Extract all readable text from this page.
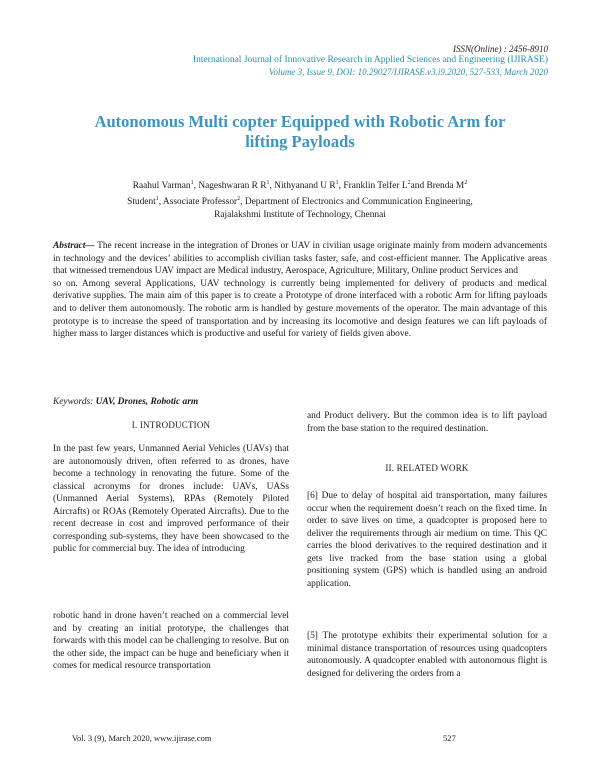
ISSN(Online) : 2456-8910
International Journal of Innovative Research in Applied Sciences and Engineering (IJIRASE)
Volume 3, Issue 9, DOI: 10.29027/IJIRASE.v3.i9.2020, 527-533, March 2020
Autonomous Multi copter Equipped with Robotic Arm for
lifting Payloads
Raahul Varman$^1$, Nageshwaran R $R^1$, Nithyanand U $R^1$, Franklin Telfer $L^2and$ Brenda $M^2$
Student$^1$, Associate Professor$^2$, Department of Electronics and Communication Engineering,
Rajalakshmi Institute of Technology, Chennai

Abstract— The recent increase in the integration of Drones or UAV in civilian usage originate mainly from modern advancements in technology and the devices’ abilities to accomplish civilian tasks faster, safe, and cost-efficient manner. The Applicative areas that witnessed tremendous UAV impact are Medical industry, Aerospace, Agriculture, Military, Online product Services and

so on. Among several Applications, UAV technology is currently being implemented for delivery of products and medical derivative supplies. The main aim of this paper is to create a Prototype of drone interfaced with a robotic Arm for lifting payloads and to deliver them autonomously. The robotic arm is handled by gesture movements of the operator. The main advantage of this prototype is to increase the speed of transportation and by increasing its locomotive and design features we can lift payloads of higher mass to larger distances which is productive and useful for variety of fields given above.

Keywords: UAV, Drones, Robotic arm
I. INTRODUCTION
In the past few years, Unmanned Aerial Vehicles (UAVs) that are autonomously driven, often referred to as drones, have become a technology in renovating the future. Some of the classical acronyms for drones include: UAVs, UASs (Unmanned Aerial Systems), RPAs (Remotely Piloted Aircrafts) or ROAs (Remotely Operated Aircrafts). Due to the recent decrease in cost and improved performance of their corresponding sub-systems, they have been showcased to the public for commercial buy. The idea of introducing
robotic hand in drone haven’t reached on a commercial level and by creating an initial prototype, the challenges that forwards with this model can be challenging to resolve. But on the other side, the impact can be huge and beneficiary when it comes for medical resource transportation
and Product delivery. But the common idea is to lift payload from the base station to the required destination.
II. RELATED WORK
[6] Due to delay of hospital aid transportation, many failures occur when the requirement doesn’t reach on the fixed time. In order to save lives on time, a quadcopter is proposed here to deliver the requirements through air medium on time. This QC carries the blood derivatives to the required destination and it gets live tracked from the base station using a global positioning system (GPS) which is handled using an android application.
[5] The prototype exhibits their experimental solution for a minimal distance transportation of resources using quadcopters autonomously. A quadcopter enabled with autonomous flight is designed for delivering the orders from a
Vol. 3 (9), March 2020, www.ijirase.com	527
